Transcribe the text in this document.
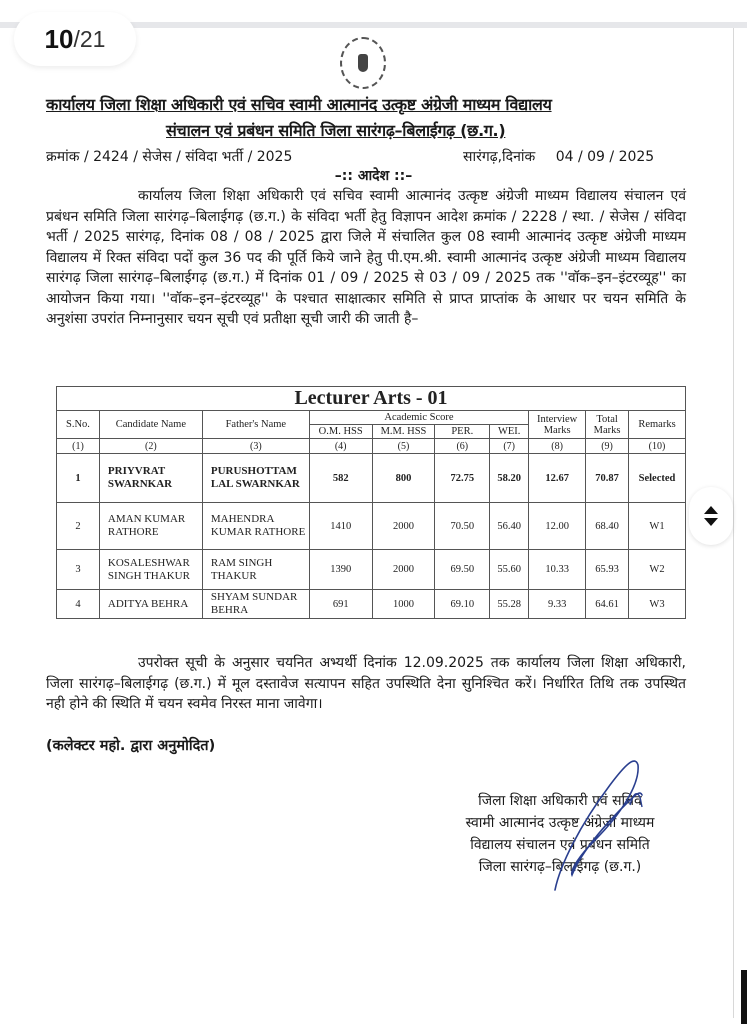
10 / 21
कार्यालय जिला शिक्षा अधिकारी एवं सचिव स्वामी आत्मानंद उत्कृष्ट अंग्रेजी माध्यम विद्यालय
संचालन एवं प्रबंधन समिति जिला सारंगढ़–बिलाईगढ़ (छ.ग.)
क्रमांक / 2424 / सेजेस / संविदा भर्ती / 2025	सारंगढ़,दिनांक 04 / 09 / 2025
–:: आदेश ::–
कार्यालय जिला शिक्षा अधिकारी एवं सचिव स्वामी आत्मानंद उत्कृष्ट अंग्रेजी माध्यम विद्यालय संचालन एवं प्रबंधन समिति जिला सारंगढ़–बिलाईगढ़ (छ.ग.) के संविदा भर्ती हेतु विज्ञापन आदेश क्रमांक / 2228 / स्था. / सेजेस / संविदा भर्ती / 2025 सारंगढ़, दिनांक 08 / 08 / 2025 द्वारा जिले में संचालित कुल 08 स्वामी आत्मानंद उत्कृष्ट अंग्रेजी माध्यम विद्यालय में रिक्त संविदा पदों कुल 36 पद की पूर्ति किये जाने हेतु पी.एम.श्री. स्वामी आत्मानंद उत्कृष्ट अंग्रेजी माध्यम विद्यालय सारंगढ़ जिला सारंगढ़–बिलाईगढ़ (छ.ग.) में दिनांक 01 / 09 / 2025 से 03 / 09 / 2025 तक ''वॉक–इन–इंटरव्यूह'' का आयोजन किया गया। ''वॉक–इन–इंटरव्यूह'' के पश्चात साक्षात्कार समिति से प्राप्त प्राप्तांक के आधार पर चयन समिति के अनुशंसा उपरांत निम्नानुसार चयन सूची एवं प्रतीक्षा सूची जारी की जाती है–
Lecturer Arts - 01									
S.No.	Candidate Name	Father's Name	Academic Score				Interview Marks	Total Marks	Remarks
			O.M. HSS	M.M. HSS	PER.	WEI.			
(1)	(2)	(3)	(4)	(5)	(6)	(7)	(8)	(9)	(10)
1	PRIYVRAT SWARNKAR	PURUSHOTTAM LAL SWARNKAR	582	800	72.75	58.20	12.67	70.87	Selected
2	AMAN KUMAR RATHORE	MAHENDRA KUMAR RATHORE	1410	2000	70.50	56.40	12.00	68.40	W1
3	KOSALESHWAR SINGH THAKUR	RAM SINGH THAKUR	1390	2000	69.50	55.60	10.33	65.93	W2
4	ADITYA BEHRA	SHYAM SUNDAR BEHRA	691	1000	69.10	55.28	9.33	64.61	W3
उपरोक्त सूची के अनुसार चयनित अभ्यर्थी दिनांक 12.09.2025 तक कार्यालय जिला शिक्षा अधिकारी, जिला सारंगढ़–बिलाईगढ़ (छ.ग.) में मूल दस्तावेज सत्यापन सहित उपस्थिति देना सुनिश्चित करें। निर्धारित तिथि तक उपस्थित नही होने की स्थिति में चयन स्वमेव निरस्त माना जावेगा।
(कलेक्टर महो. द्वारा अनुमोदित)
जिला शिक्षा अधिकारी एवं सचिव
स्वामी आत्मानंद उत्कृष्ट अंग्रेजी माध्यम
विद्यालय संचालन एवं प्रबंधन समिति
जिला सारंगढ़–बिलाईगढ़ (छ.ग.)
